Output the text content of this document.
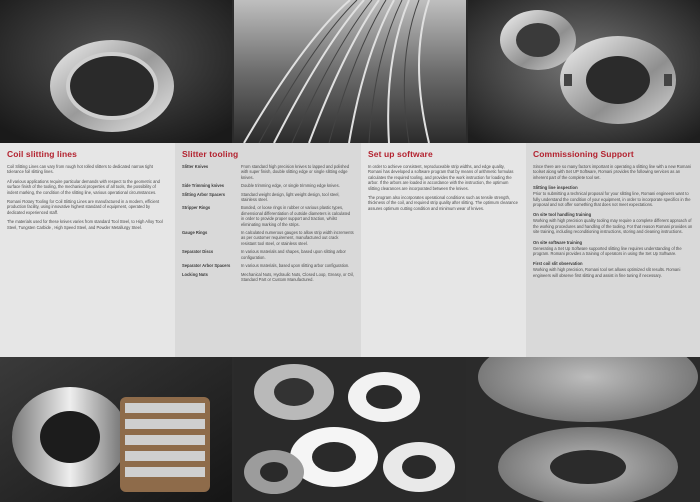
Coil slitting lines

Coil Slitting Lines can vary from rough hot rolled slitters to dedicated narrow tight tolerance foil slitting lines.

All various applications require particular demands with respect to the geometric and surface finish of the tooling, the mechanical properties of all tools, the possibility of indent marking, the condition of the slitting line, various operational circumstances.

Romani Rotary Tooling for Coil Slitting Lines are manufactured in a modern, efficient production facility, using innovative highest standard of equipment, operated by dedicated experienced staff.

The materials used for these knives varies from standard Tool Steel, to High Alloy Tool Steel, Tungsten Carbide , High Speed Steel, and Powder Metallurgy Steel.

Slitter tooling
Slitter Knives	From standard high precision knives to lapped and polished with super finish, double slitting edge or single slitting edge knives.
Side Trimming knives	Double trimming edge, or single trimming edge knives.
Slitting Arbor Spacers	Standard weight design, light weight design, tool steel, stainless steel.
Stripper Rings	Bonded, or loose rings in rubber or various plastic types, dimensional differentiation of outside diameters is calculated in order to provide proper support and traction, whilst eliminating marking of the strips.
Gauge Rings	In calculated numerous gauges to allow strip width increments as per customer requirement, manufactured out crack resistant tool steel, or stainless steel.
Separator Discs	In various materials and shapes, based upon slitting arbor configuration.
Separator Arbor Spacers	In various materials, based upon slitting arbor configuration.
Locking Nuts	Mechanical Nuts, Hydraulic Nuts, Closed Loop, Greasy, or Oil, Standard Part or Custom Manufactured.
Set up software

In order to achieve consistent, reproduceable strip widths, and edge quality, Romani has developed a software program that by means of arithmetic formulas calculates the required tooling, and provides the work instruction for loading the arbor. If the arbors are loaded in accordance with the instruction, the optimum slitting clearances are incorporated between the knives.

The program also incorporates operational conditions such as tensile strength, thickness of the coil, and required strip quality after slitting. The optimum clearance assures optimum cutting condition and minimum wear of knives.

Commissioning Support

Since there are so many factors important in operating a slitting line with a new Romani toolset along with Set UP Software, Romani provides the following services as an inherent part of the complete tool set.

Slitting line inspection

Prior to submitting a technical proposal for your slitting line, Romani engineers want to fully understand the condition of your equipment, in order to incorporate specifics in the proposal and not offer something that does not meet expectations.

On site tool handling training

Working with high precision quality tooling may require a complete different approach of the working procedures and handling of the tooling. For that reason Romani provides on site training, including reconditioning instructions, storing and cleaning instructions.

On site software training

Generating a Set Up Software supported slitting line requires understanding of the program. Romani provides a training of operators in using the Set Up Software.

First coil slit observation

Working with high precision, Romani tool set allows optimized slit results. Romani engineers will observe first slitting and assist in fine tuning if necessary.
